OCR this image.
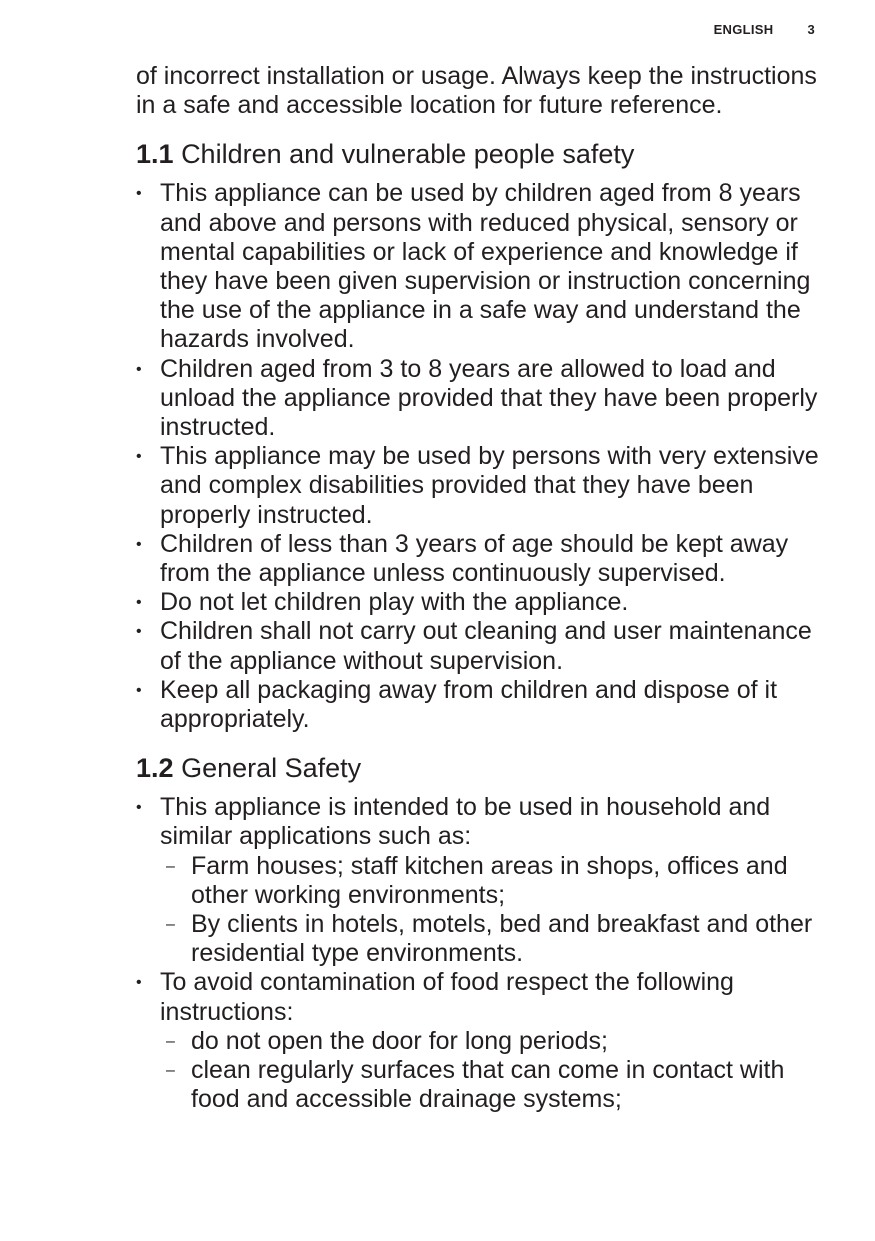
ENGLISH	3

of incorrect installation or usage. Always keep the instructions in a safe and accessible location for future reference.

1.1 Children and vulnerable people safety
• This appliance can be used by children aged from 8 years and above and persons with reduced physical, sensory or mental capabilities or lack of experience and knowledge if they have been given supervision or instruction concerning the use of the appliance in a safe way and understand the hazards involved.
• Children aged from 3 to 8 years are allowed to load and unload the appliance provided that they have been properly instructed.
• This appliance may be used by persons with very extensive and complex disabilities provided that they have been properly instructed.
• Children of less than 3 years of age should be kept away from the appliance unless continuously supervised.
• Do not let children play with the appliance.
• Children shall not carry out cleaning and user maintenance of the appliance without supervision.
• Keep all packaging away from children and dispose of it appropriately.
1.2 General Safety
• This appliance is intended to be used in household and similar applications such as:
– Farm houses; staff kitchen areas in shops, offices and other working environments;
– By clients in hotels, motels, bed and breakfast and other residential type environments.
• To avoid contamination of food respect the following instructions:
– do not open the door for long periods;
– clean regularly surfaces that can come in contact with food and accessible drainage systems;
